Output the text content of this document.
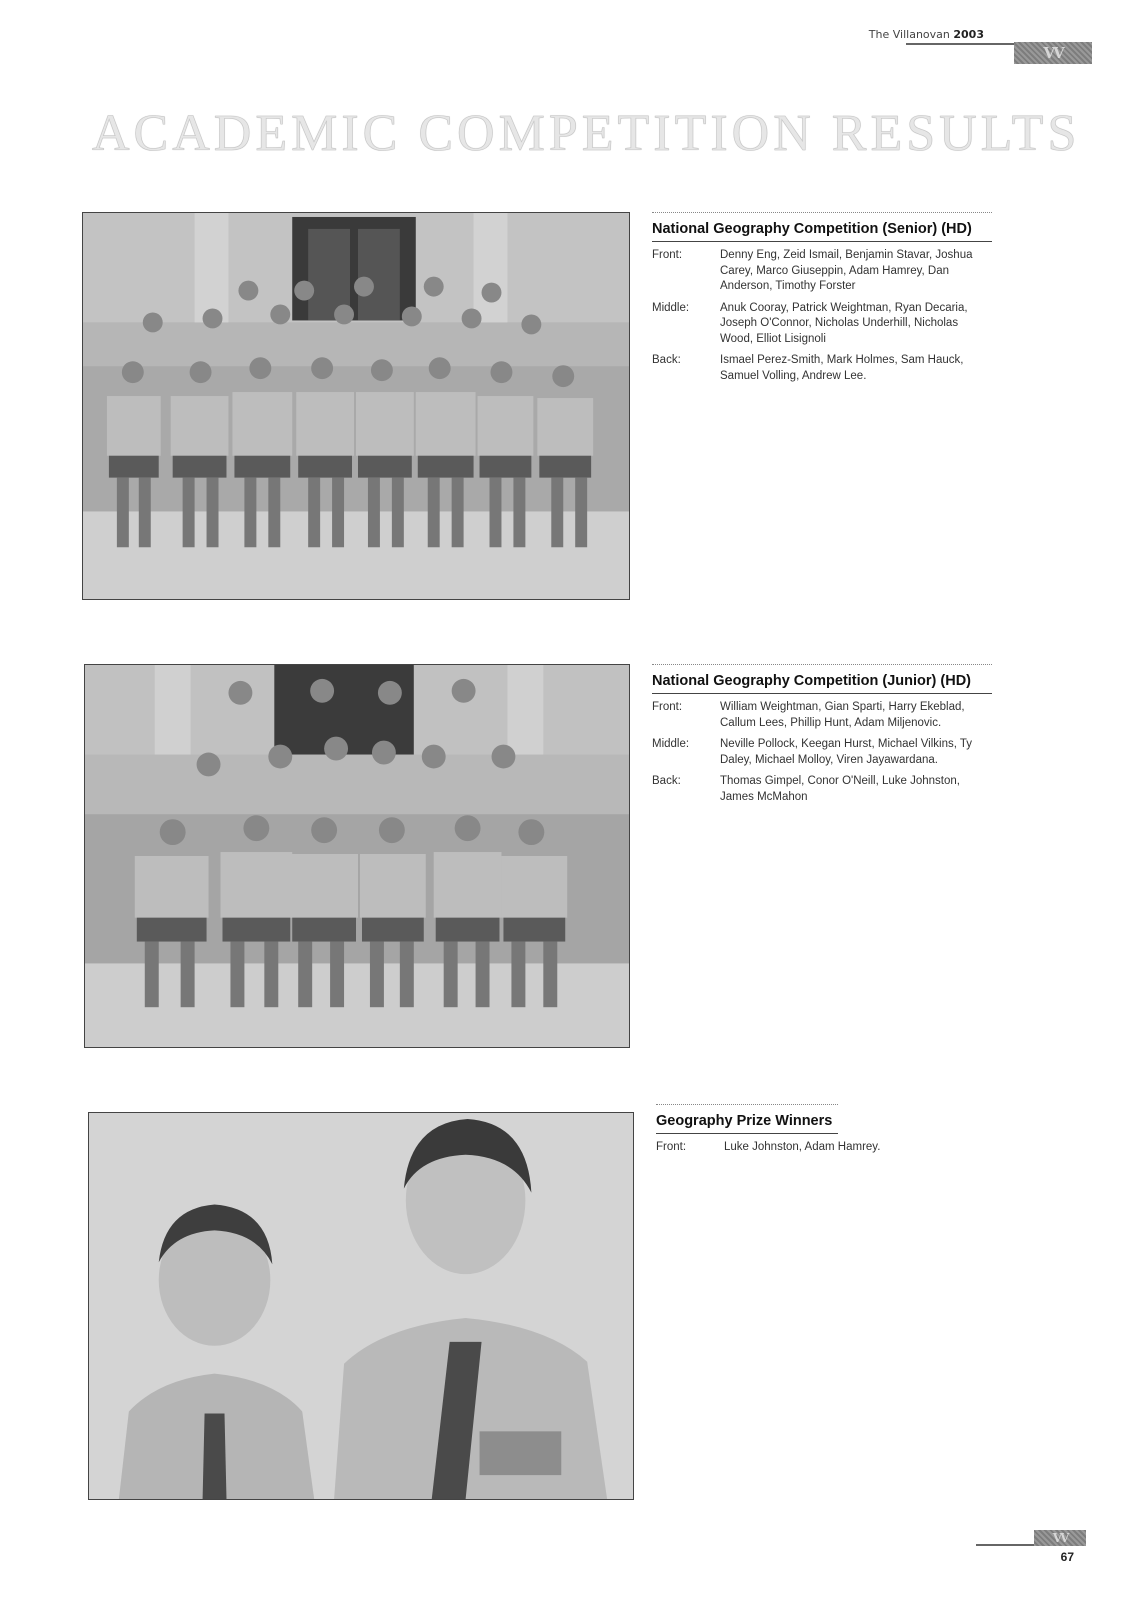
The Villanovan 2003
VV
ACADEMIC COMPETITION RESULTS
National Geography Competition (Senior) (HD)
Front:	Denny Eng, Zeid Ismail, Benjamin Stavar, Joshua Carey, Marco Giuseppin, Adam Hamrey, Dan Anderson, Timothy Forster
Middle:	Anuk Cooray, Patrick Weightman, Ryan Decaria, Joseph O'Connor, Nicholas Underhill, Nicholas Wood, Elliot Lisignoli
Back:	Ismael Perez-Smith, Mark Holmes, Sam Hauck, Samuel Volling, Andrew Lee.
National Geography Competition (Junior) (HD)
Front:	William Weightman, Gian Sparti, Harry Ekeblad, Callum Lees, Phillip Hunt, Adam Miljenovic.
Middle:	Neville Pollock, Keegan Hurst, Michael Vilkins, Ty Daley, Michael Molloy, Viren Jayawardana.
Back:	Thomas Gimpel, Conor O'Neill, Luke Johnston, James McMahon
Geography Prize Winners
Front:	Luke Johnston, Adam Hamrey.
VV
67
